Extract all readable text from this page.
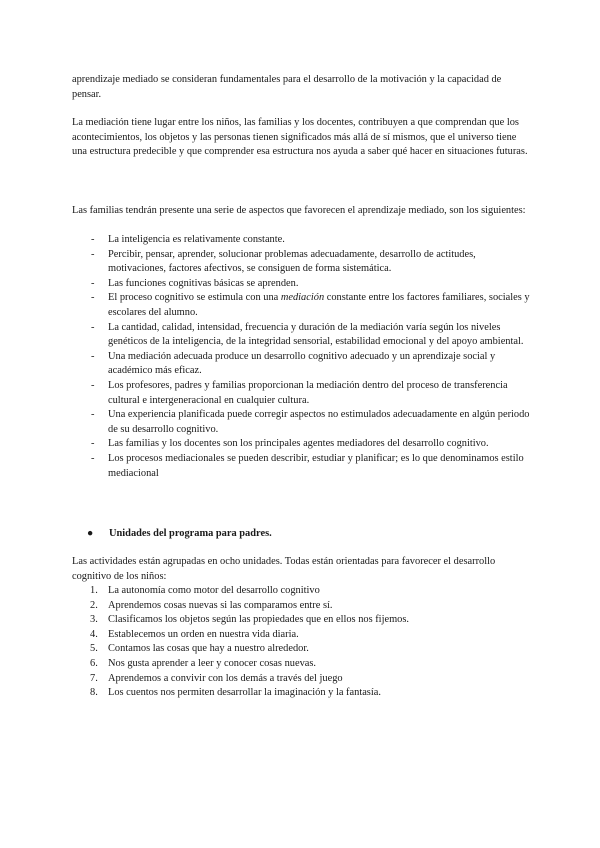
aprendizaje mediado se consideran fundamentales para el desarrollo de la motivación y la capacidad de pensar.

La mediación tiene lugar entre los niños, las familias y los docentes, contribuyen a que comprendan que los acontecimientos, los objetos y las personas tienen significados más allá de sí mismos, que el universo tiene una estructura predecible y que comprender esa estructura nos ayuda a saber qué hacer en situaciones futuras.

Las familias tendrán presente una serie de aspectos que favorecen el aprendizaje mediado, son los siguientes:

- La inteligencia es relativamente constante.
- Percibir, pensar, aprender, solucionar problemas adecuadamente, desarrollo de actitudes, motivaciones, factores afectivos, se consiguen de forma sistemática.
- Las funciones cognitivas básicas se aprenden.
- El proceso cognitivo se estimula con una mediación constante entre los factores familiares, sociales y escolares del alumno.
- La cantidad, calidad, intensidad, frecuencia y duración de la mediación varía según los niveles genéticos de la inteligencia, de la integridad sensorial, estabilidad emocional y del apoyo ambiental.
- Una mediación adecuada produce un desarrollo cognitivo adecuado y un aprendizaje social y académico más eficaz.
- Los profesores, padres y familias proporcionan la mediación dentro del proceso de transferencia cultural e intergeneracional en cualquier cultura.
- Una experiencia planificada puede corregir aspectos no estimulados adecuadamente en algún periodo de su desarrollo cognitivo.
- Las familias y los docentes son los principales agentes mediadores del desarrollo cognitivo.
- Los procesos mediacionales se pueden describir, estudiar y planificar; es lo que denominamos estilo mediacional
● Unidades del programa para padres.

Las actividades están agrupadas en ocho unidades. Todas están orientadas para favorecer el desarrollo cognitivo de los niños:

1. La autonomía como motor del desarrollo cognitivo
2. Aprendemos cosas nuevas si las comparamos entre sí.
3. Clasificamos los objetos según las propiedades que en ellos nos fijemos.
4. Establecemos un orden en nuestra vida diaria.
5. Contamos las cosas que hay a nuestro alrededor.
6. Nos gusta aprender a leer y conocer cosas nuevas.
7. Aprendemos a convivir con los demás a través del juego
8. Los cuentos nos permiten desarrollar la imaginación y la fantasía.
